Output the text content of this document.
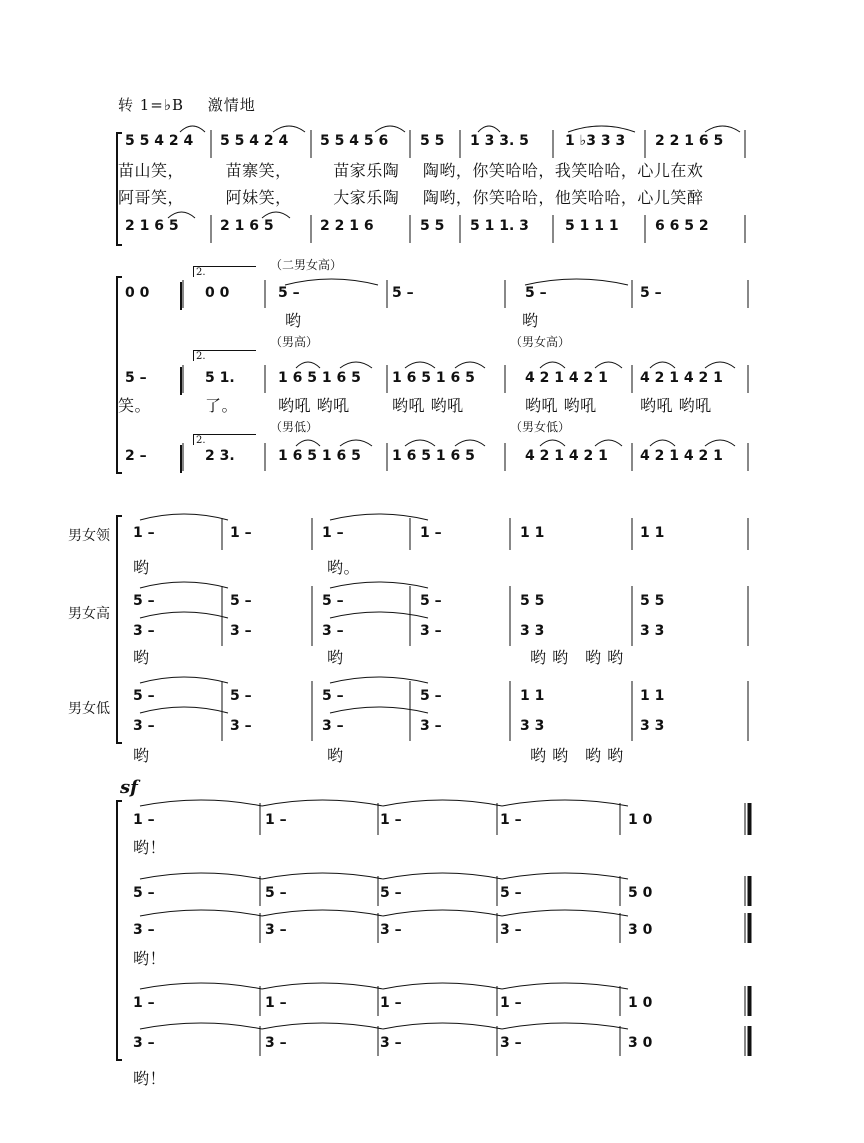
转 1=♭B 激情地
5 5 4 2 4 5 5 4 2 4 5 5 4 5 6 5 5 1 3 3. 5	1 ♭3 3 3 2 2 1 6 5
苗山笑，	苗寨笑，	苗家乐陶 陶哟，你笑哈哈，我笑哈哈，心儿在欢
阿哥笑，	阿妹笑，	大家乐陶 陶哟，你笑哈哈，他笑哈哈，心儿笑醉
2 1 6 5	2 1 6 5	2 2 1 6	5 5 5 1 1. 3	5 1 1 1	6 6 5 2
（二男女高）
2.
2.
2.
0 0	0 0	5 –	5 –	5 –	5 –
哟	哟
（男高）	（男女高）
5 –	5 1.	1 6 5 1 6 5 1 6 5 1 6 5	4 2 1 4 2 1 4 2 1 4 2 1
笑。	了。 哟吼 哟吼	哟吼 哟吼	哟吼 哟吼	哟吼 哟吼
（男低）	（男女低）
2 –	2 3.	1 6 5 1 6 5 1 6 5 1 6 5	4 2 1 4 2 1 4 2 1 4 2 1
男女领
男女高
男女低
1 –	1 –	1 –	1 –	1 1	1 1
哟	哟。
5 –	5 –	5 –	5 –	5 5	5 5
3 –	3 –	3 –	3 –	3 3	3 3
哟	哟	哟 哟 哟 哟
5 –	5 –	5 –	5 –	1 1	1 1
3 –	3 –	3 –	3 –	3 3	3 3
哟	哟	哟 哟 哟 哟
sf
1 –	1 –	1 –	1 –	1 0
哟！
5 –	5 –	5 –	5 –	5 0
3 –	3 –	3 –	3 –	3 0
哟！
1 –	1 –	1 –	1 –	1 0
3 –	3 –	3 –	3 –	3 0
哟！
